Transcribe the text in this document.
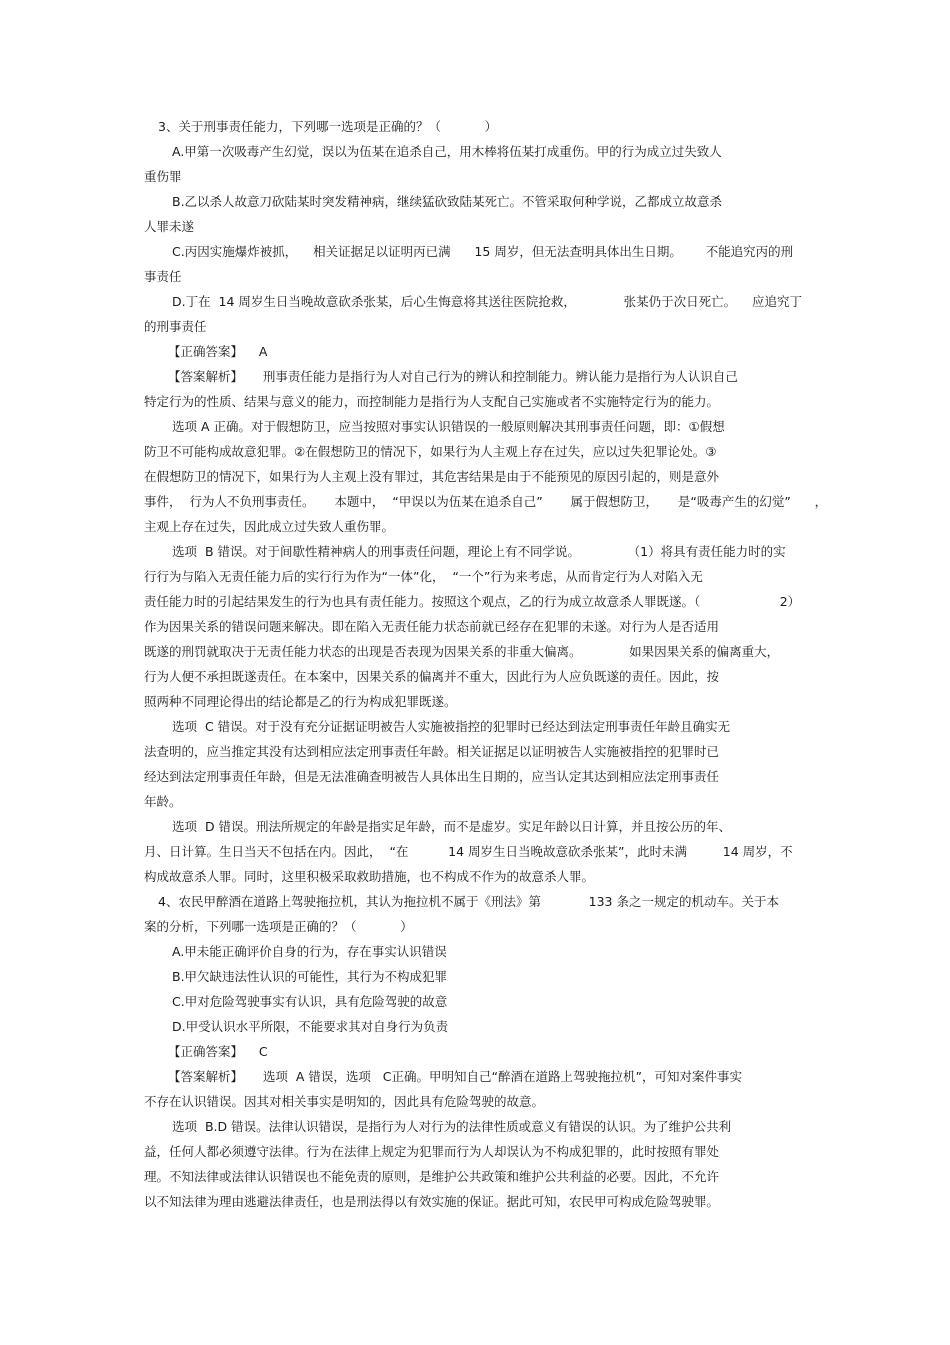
3、关于刑事责任能力，下列哪一选项是正确的？（           ）
A.甲第一次吸毒产生幻觉，误以为伍某在追杀自己，用木棒将伍某打成重伤。甲的行为成立过失致人
重伤罪
B.乙以杀人故意刀砍陆某时突发精神病，继续猛砍致陆某死亡。不管采取何种学说，乙都成立故意杀
人罪未遂
C.丙因实施爆炸被抓，    相关证据足以证明丙已满      15 周岁，但无法查明具体出生日期。      不能追究丙的刑
事责任
D.丁在  14 周岁生日当晚故意砍杀张某，后心生悔意将其送往医院抢救，            张某仍于次日死亡。    应追究丁
的刑事责任
【正确答案】    A
【答案解析】     刑事责任能力是指行为人对自己行为的辨认和控制能力。辨认能力是指行为人认识自己
特定行为的性质、结果与意义的能力，而控制能力是指行为人支配自己实施或者不实施特定行为的能力。
选项 A 正确。对于假想防卫，应当按照对事实认识错误的一般原则解决其刑事责任问题，即：①假想
防卫不可能构成故意犯罪。②在假想防卫的情况下，如果行为人主观上存在过失，应以过失犯罪论处。③
在假想防卫的情况下，如果行为人主观上没有罪过，其危害结果是由于不能预见的原因引起的，则是意外
事件，  行为人不负刑事责任。     本题中，  “甲误以为伍某在追杀自己”       属于假想防卫，     是“吸毒产生的幻觉”      ，
主观上存在过失，因此成立过失致人重伤罪。
选项  B 错误。对于间歇性精神病人的刑事责任问题，理论上有不同学说。            （1）将具有责任能力时的实
行行为与陷入无责任能力后的实行行为作为“一体”化，  “一个”行为来考虑，从而肯定行为人对陷入无
责任能力时的引起结果发生的行为也具有责任能力。按照这个观点，乙的行为成立故意杀人罪既遂。（                    2）
作为因果关系的错误问题来解决。即在陷入无责任能力状态前就已经存在犯罪的未遂。对行为人是否适用
既遂的刑罚就取决于无责任能力状态的出现是否表现为因果关系的非重大偏离。            如果因果关系的偏离重大，
行为人便不承担既遂责任。在本案中，因果关系的偏离并不重大，因此行为人应负既遂的责任。因此，按
照两种不同理论得出的结论都是乙的行为构成犯罪既遂。
选项  C 错误。对于没有充分证据证明被告人实施被指控的犯罪时已经达到法定刑事责任年龄且确实无
法查明的，应当推定其没有达到相应法定刑事责任年龄。相关证据足以证明被告人实施被指控的犯罪时已
经达到法定刑事责任年龄，但是无法准确查明被告人具体出生日期的，应当认定其达到相应法定刑事责任
年龄。
选项  D 错误。刑法所规定的年龄是指实足年龄，而不是虚岁。实足年龄以日计算，并且按公历的年、
月、日计算。生日当天不包括在内。因此，  “在          14 周岁生日当晚故意砍杀张某”，此时未满         14 周岁，不
构成故意杀人罪。同时，这里积极采取救助措施，也不构成不作为的故意杀人罪。
4、农民甲醉酒在道路上驾驶拖拉机，其认为拖拉机不属于《刑法》第            133 条之一规定的机动车。关于本
案的分析，下列哪一选项是正确的？（           ）
A.甲未能正确评价自身的行为，存在事实认识错误
B.甲欠缺违法性认识的可能性，其行为不构成犯罪
C.甲对危险驾驶事实有认识，具有危险驾驶的故意
D.甲受认识水平所限，不能要求其对自身行为负责
【正确答案】    C
【答案解析】     选项  A 错误，选项   C正确。甲明知自己“醉酒在道路上驾驶拖拉机”，可知对案件事实
不存在认识错误。因其对相关事实是明知的，因此具有危险驾驶的故意。
选项  B.D 错误。法律认识错误，是指行为人对行为的法律性质或意义有错误的认识。为了维护公共利
益，任何人都必须遵守法律。行为在法律上规定为犯罪而行为人却误认为不构成犯罪的，此时按照有罪处
理。不知法律或法律认识错误也不能免责的原则，是维护公共政策和维护公共利益的必要。因此，不允许
以不知法律为理由逃避法律责任，也是刑法得以有效实施的保证。据此可知，农民甲可构成危险驾驶罪。
